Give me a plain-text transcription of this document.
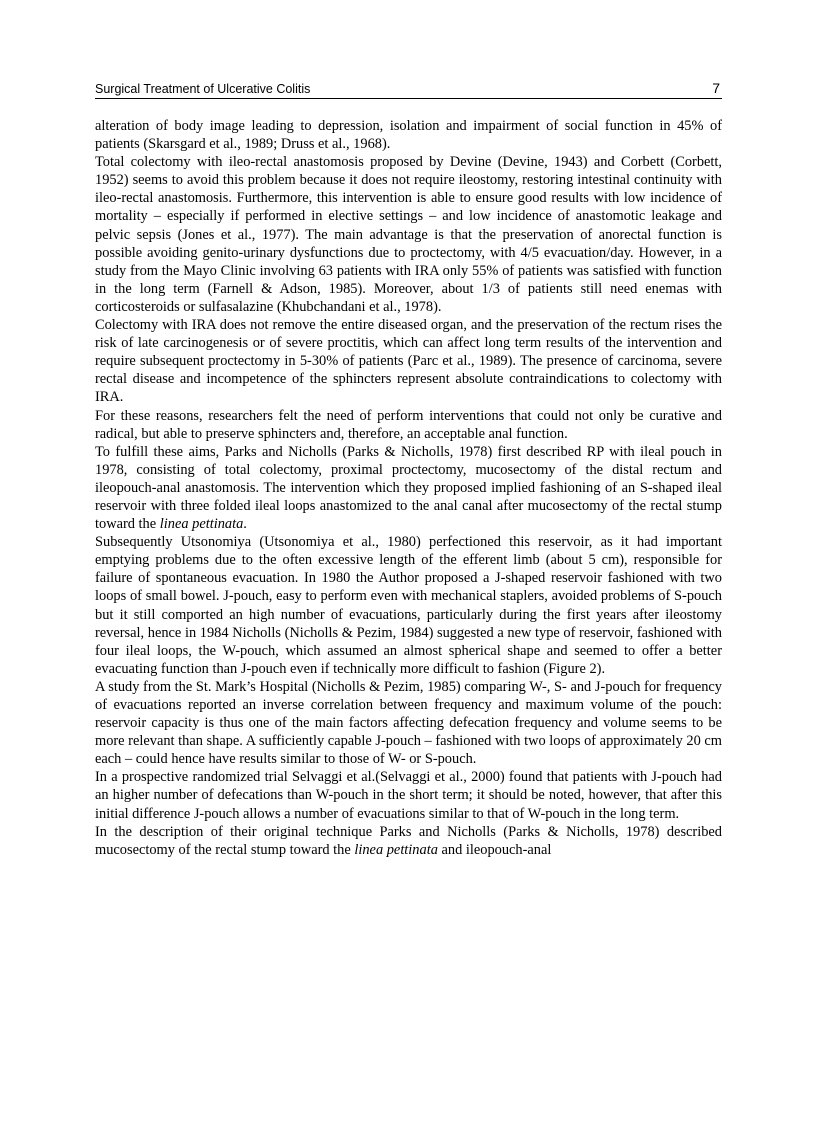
Surgical Treatment of Ulcerative Colitis	7

alteration of body image leading to depression, isolation and impairment of social function in 45% of patients (Skarsgard et al., 1989; Druss et al., 1968).

Total colectomy with ileo-rectal anastomosis proposed by Devine (Devine, 1943) and Corbett (Corbett, 1952) seems to avoid this problem because it does not require ileostomy, restoring intestinal continuity with ileo-rectal anastomosis. Furthermore, this intervention is able to ensure good results with low incidence of mortality – especially if performed in elective settings – and low incidence of anastomotic leakage and pelvic sepsis (Jones et al., 1977). The main advantage is that the preservation of anorectal function is possible avoiding genito-urinary dysfunctions due to proctectomy, with 4/5 evacuation/day. However, in a study from the Mayo Clinic involving 63 patients with IRA only 55% of patients was satisfied with function in the long term (Farnell & Adson, 1985). Moreover, about 1/3 of patients still need enemas with corticosteroids or sulfasalazine (Khubchandani et al., 1978).

Colectomy with IRA does not remove the entire diseased organ, and the preservation of the rectum rises the risk of late carcinogenesis or of severe proctitis, which can affect long term results of the intervention and require subsequent proctectomy in 5-30% of patients (Parc et al., 1989). The presence of carcinoma, severe rectal disease and incompetence of the sphincters represent absolute contraindications to colectomy with IRA.

For these reasons, researchers felt the need of perform interventions that could not only be curative and radical, but able to preserve sphincters and, therefore, an acceptable anal function.

To fulfill these aims, Parks and Nicholls (Parks & Nicholls, 1978) first described RP with ileal pouch in 1978, consisting of total colectomy, proximal proctectomy, mucosectomy of the distal rectum and ileopouch-anal anastomosis. The intervention which they proposed implied fashioning of an S-shaped ileal reservoir with three folded ileal loops anastomized to the anal canal after mucosectomy of the rectal stump toward the linea pettinata.

Subsequently Utsonomiya (Utsonomiya et al., 1980) perfectioned this reservoir, as it had important emptying problems due to the often excessive length of the efferent limb (about 5 cm), responsible for failure of spontaneous evacuation. In 1980 the Author proposed a J-shaped reservoir fashioned with two loops of small bowel. J-pouch, easy to perform even with mechanical staplers, avoided problems of S-pouch but it still comported an high number of evacuations, particularly during the first years after ileostomy reversal, hence in 1984 Nicholls (Nicholls & Pezim, 1984) suggested a new type of reservoir, fashioned with four ileal loops, the W-pouch, which assumed an almost spherical shape and seemed to offer a better evacuating function than J-pouch even if technically more difficult to fashion (Figure 2).

A study from the St. Mark’s Hospital (Nicholls & Pezim, 1985) comparing W-, S- and J-pouch for frequency of evacuations reported an inverse correlation between frequency and maximum volume of the pouch: reservoir capacity is thus one of the main factors affecting defecation frequency and volume seems to be more relevant than shape. A sufficiently capable J-pouch – fashioned with two loops of approximately 20 cm each – could hence have results similar to those of W- or S-pouch.

In a prospective randomized trial Selvaggi et al.(Selvaggi et al., 2000) found that patients with J-pouch had an higher number of defecations than W-pouch in the short term; it should be noted, however, that after this initial difference J-pouch allows a number of evacuations similar to that of W-pouch in the long term.

In the description of their original technique Parks and Nicholls (Parks & Nicholls, 1978) described mucosectomy of the rectal stump toward the linea pettinata and ileopouch-anal
